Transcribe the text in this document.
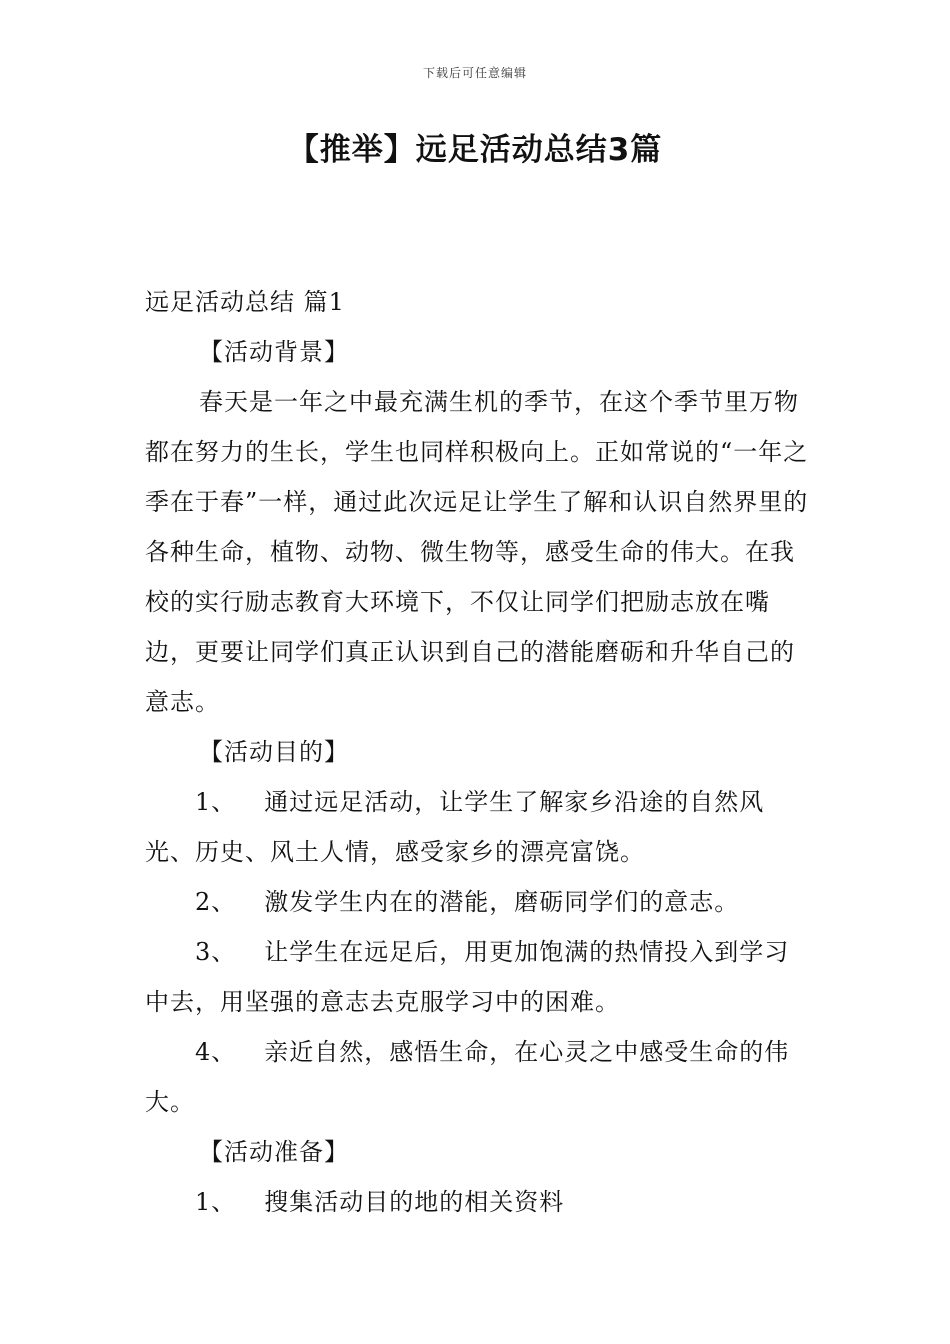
下载后可任意编辑
【推举】远足活动总结3篇

远足活动总结 篇1

【活动背景】

春天是一年之中最充满生机的季节，在这个季节里万物都在努力的生长，学生也同样积极向上。正如常说的“一年之季在于春”一样，通过此次远足让学生了解和认识自然界里的各种生命，植物、动物、微生物等，感受生命的伟大。在我校的实行励志教育大环境下，不仅让同学们把励志放在嘴边，更要让同学们真正认识到自己的潜能磨砺和升华自己的意志。

【活动目的】

1、 通过远足活动，让学生了解家乡沿途的自然风光、历史、风土人情，感受家乡的漂亮富饶。

2、 激发学生内在的潜能，磨砺同学们的意志。

3、 让学生在远足后，用更加饱满的热情投入到学习中去，用坚强的意志去克服学习中的困难。

4、 亲近自然，感悟生命，在心灵之中感受生命的伟大。

【活动准备】

1、 搜集活动目的地的相关资料
